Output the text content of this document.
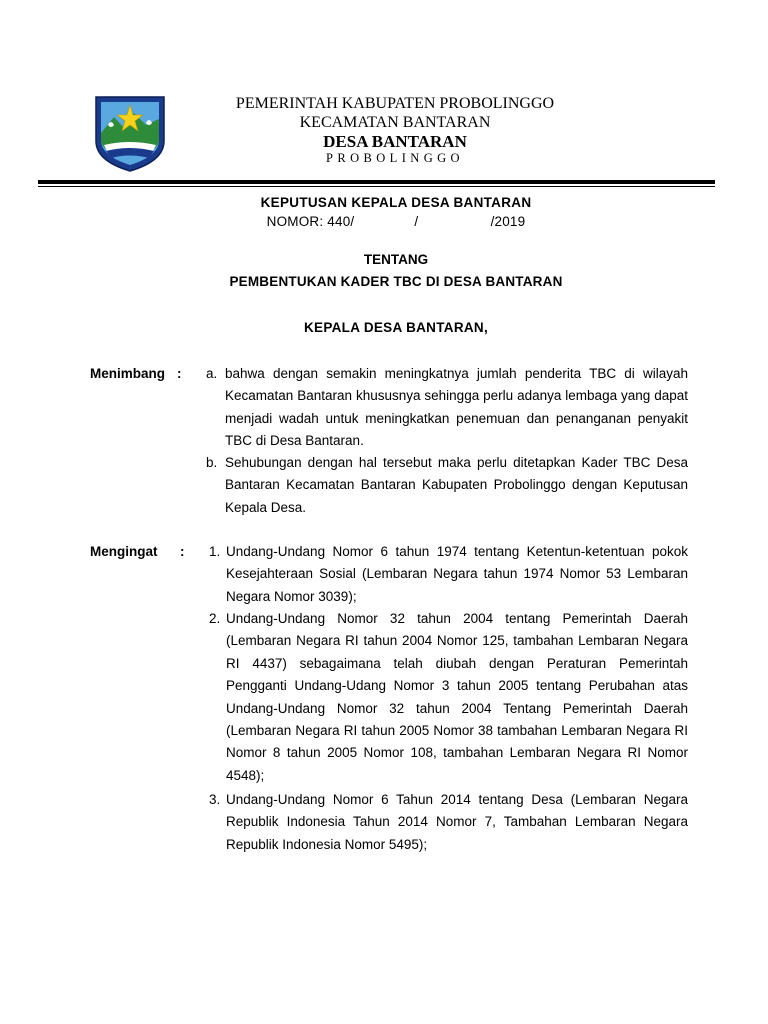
PEMERINTAH KABUPATEN PROBOLINGGO
KECAMATAN BANTARAN
DESA BANTARAN
PROBOLINGGO
KEPUTUSAN KEPALA DESA BANTARAN
NOMOR: 440/	/	/2019
TENTANG
PEMBENTUKAN KADER TBC DI DESA BANTARAN
KEPALA DESA BANTARAN,
Menimbang : a. bahwa dengan semakin meningkatnya jumlah penderita TBC di wilayah Kecamatan Bantaran khususnya sehingga perlu adanya lembaga yang dapat menjadi wadah untuk meningkatkan penemuan dan penanganan penyakit TBC di Desa Bantaran.
b. Sehubungan dengan hal tersebut maka perlu ditetapkan Kader TBC Desa Bantaran Kecamatan Bantaran Kabupaten Probolinggo dengan Keputusan Kepala Desa.
Mengingat : 1. Undang-Undang Nomor 6 tahun 1974 tentang Ketentun-ketentuan pokok Kesejahteraan Sosial (Lembaran Negara tahun 1974 Nomor 53 Lembaran Negara Nomor 3039);
2. Undang-Undang Nomor 32 tahun 2004 tentang Pemerintah Daerah (Lembaran Negara RI tahun 2004 Nomor 125, tambahan Lembaran Negara RI 4437) sebagaimana telah diubah dengan Peraturan Pemerintah Pengganti Undang-Udang Nomor 3 tahun 2005 tentang Perubahan atas Undang-Undang Nomor 32 tahun 2004 Tentang Pemerintah Daerah (Lembaran Negara RI tahun 2005 Nomor 38 tambahan Lembaran Negara RI Nomor 8 tahun 2005 Nomor 108, tambahan Lembaran Negara RI Nomor 4548);
3. Undang-Undang Nomor 6 Tahun 2014 tentang Desa (Lembaran Negara Republik Indonesia Tahun 2014 Nomor 7, Tambahan Lembaran Negara Republik Indonesia Nomor 5495);
